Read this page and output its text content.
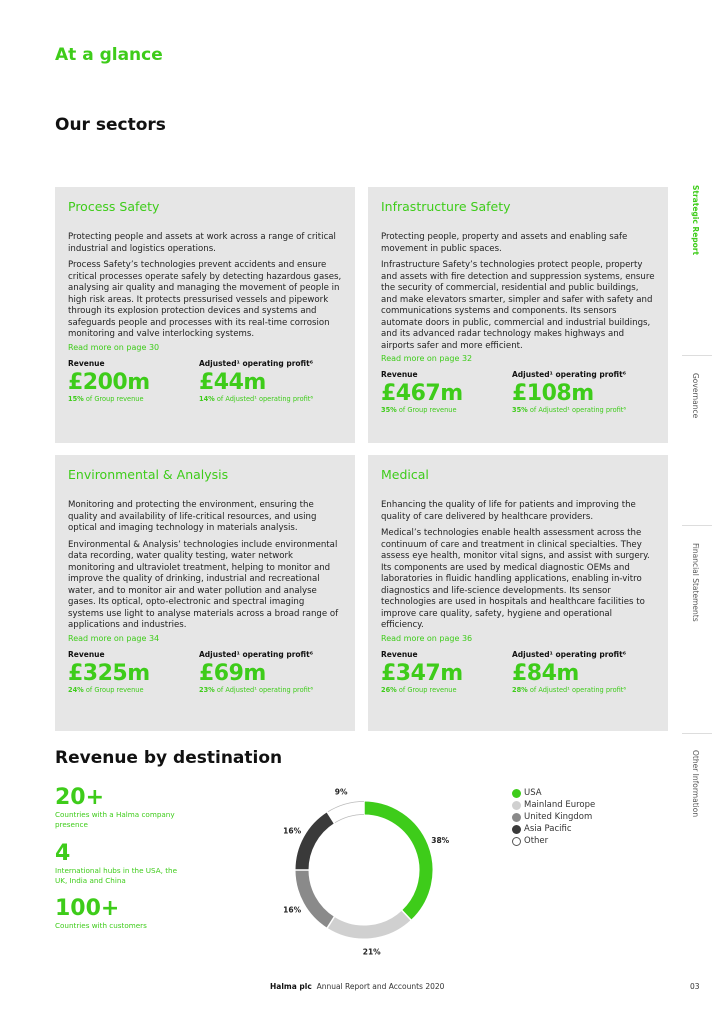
At a glance
Our sectors
Process Safety

Protecting people and assets at work across a range of critical industrial and logistics operations.

Process Safety’s technologies prevent accidents and ensure critical processes operate safely by detecting hazardous gases, analysing air quality and managing the movement of people in high risk areas. It protects pressurised vessels and pipework through its explosion protection devices and systems and safeguards people and processes with its real-time corrosion monitoring and valve interlocking systems.

Read more on page 30

Revenue
£200m
15% of Group revenue
Adjusted¹ operating profit⁶
£44m
14% of Adjusted¹ operating profit⁶
Infrastructure Safety

Protecting people, property and assets and enabling safe movement in public spaces.

Infrastructure Safety’s technologies protect people, property and assets with fire detection and suppression systems, ensure the security of commercial, residential and public buildings, and make elevators smarter, simpler and safer with safety and communications systems and components. Its sensors automate doors in public, commercial and industrial buildings, and its advanced radar technology makes highways and airports safer and more efficient.

Read more on page 32

Revenue
£467m
35% of Group revenue
Adjusted¹ operating profit⁶
£108m
35% of Adjusted¹ operating profit⁶
Environmental & Analysis

Monitoring and protecting the environment, ensuring the quality and availability of life-critical resources, and using optical and imaging technology in materials analysis.

Environmental & Analysis’ technologies include environmental data recording, water quality testing, water network monitoring and ultraviolet treatment, helping to monitor and improve the quality of drinking, industrial and recreational water, and to monitor air and water pollution and analyse gases. Its optical, opto-electronic and spectral imaging systems use light to analyse materials across a broad range of applications and industries.

Read more on page 34

Revenue
£325m
24% of Group revenue
Adjusted¹ operating profit⁶
£69m
23% of Adjusted¹ operating profit⁶
Medical

Enhancing the quality of life for patients and improving the quality of care delivered by healthcare providers.

Medical’s technologies enable health assessment across the continuum of care and treatment in clinical specialties. They assess eye health, monitor vital signs, and assist with surgery. Its components are used by medical diagnostic OEMs and laboratories in fluidic handling applications, enabling in-vitro diagnostics and life-science developments. Its sensor technologies are used in hospitals and healthcare facilities to improve care quality, safety, hygiene and operational efficiency.

Read more on page 36

Revenue
£347m
26% of Group revenue
Adjusted¹ operating profit⁶
£84m
28% of Adjusted¹ operating profit⁶
Revenue by destination
20+
Countries with a Halma company presence
4
International hubs in the USA, the UK, India and China
100+
Countries with customers
38%
21%
16%
16%
9%	USA
Mainland Europe
United Kingdom
Asia Pacific
Other
Strategic Report
Governance
Financial Statements
Other Information
Halma plc Annual Report and Accounts 2020	03
